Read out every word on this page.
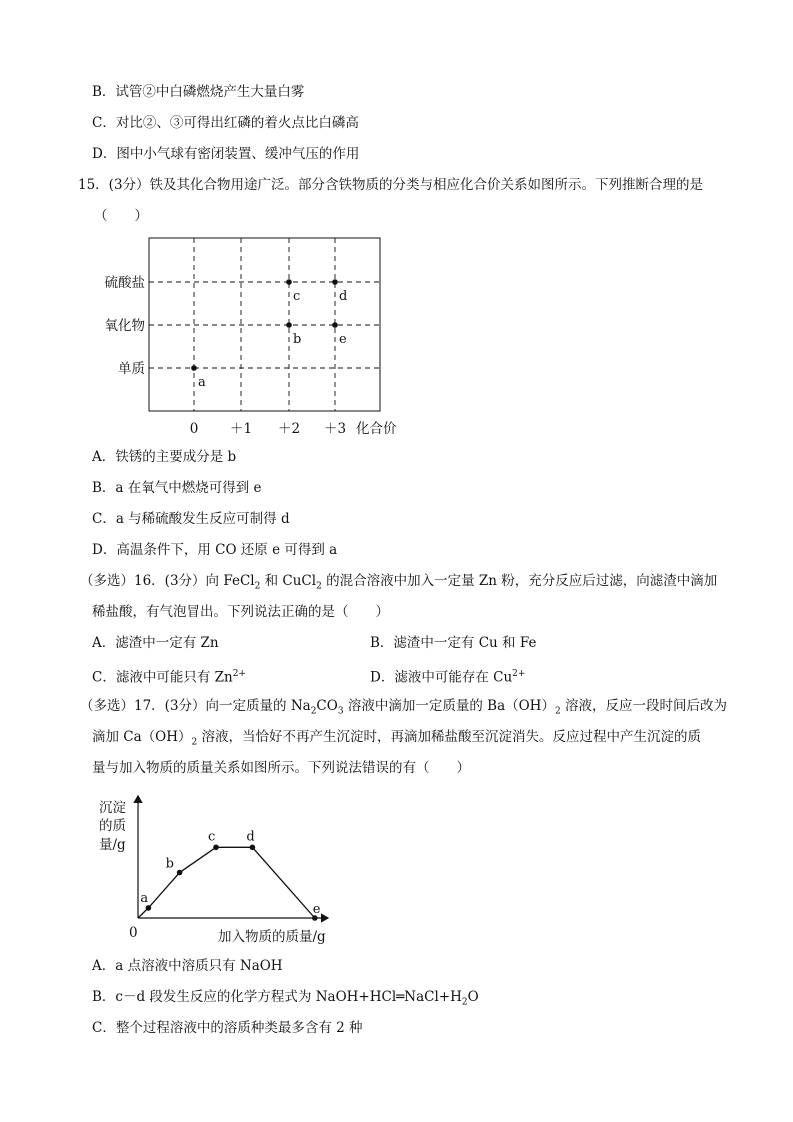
B．试管②中白磷燃烧产生大量白雾
C．对比②、③可得出红磷的着火点比白磷高
D．图中小气球有密闭装置、缓冲气压的作用
15．(3分）铁及其化合物用途广泛。部分含铁物质的分类与相应化合价关系如图所示。下列推断合理的是
（　　）
单质
氧化物
硫酸盐
0 ＋1 ＋2 ＋3
a
b
c	d
e
化合价
A．铁锈的主要成分是 b
B．a 在氧气中燃烧可得到 e
C．a 与稀硫酸发生反应可制得 d
D．高温条件下，用 CO 还原 e 可得到 a
（多选）16．(3分）向 FeCl$_2$ 和 CuCl$_2$ 的混合溶液中加入一定量 Zn 粉，充分反应后过滤，向滤渣中滴加
稀盐酸，有气泡冒出。下列说法正确的是（　　）
A．滤渣中一定有 Zn	B．滤渣中一定有 Cu 和 Fe
C．滤液中可能只有 $Zn^{2+}$	D．滤液中可能存在 $Cu^{2+}$
（多选）17．(3分）向一定质量的 $Na_2CO_3$ 溶液中滴加一定质量的 $Ba(OH)_2$ 溶液，反应一段时间后改为
滴加 $Ca(OH)_2$ 溶液，当恰好不再产生沉淀时，再滴加稀盐酸至沉淀消失。反应过程中产生沉淀的质
量与加入物质的质量关系如图所示。下列说法错误的有（　　）
沉淀
的质
量/g
0	加入物质的质量/g
a
b
c d
e
A．a 点溶液中溶质只有 NaOH
B．c－d 段发生反应的化学方程式为 $NaOH+HCl═NaCl+H_2O$
C．整个过程溶液中的溶质种类最多含有 2 种
